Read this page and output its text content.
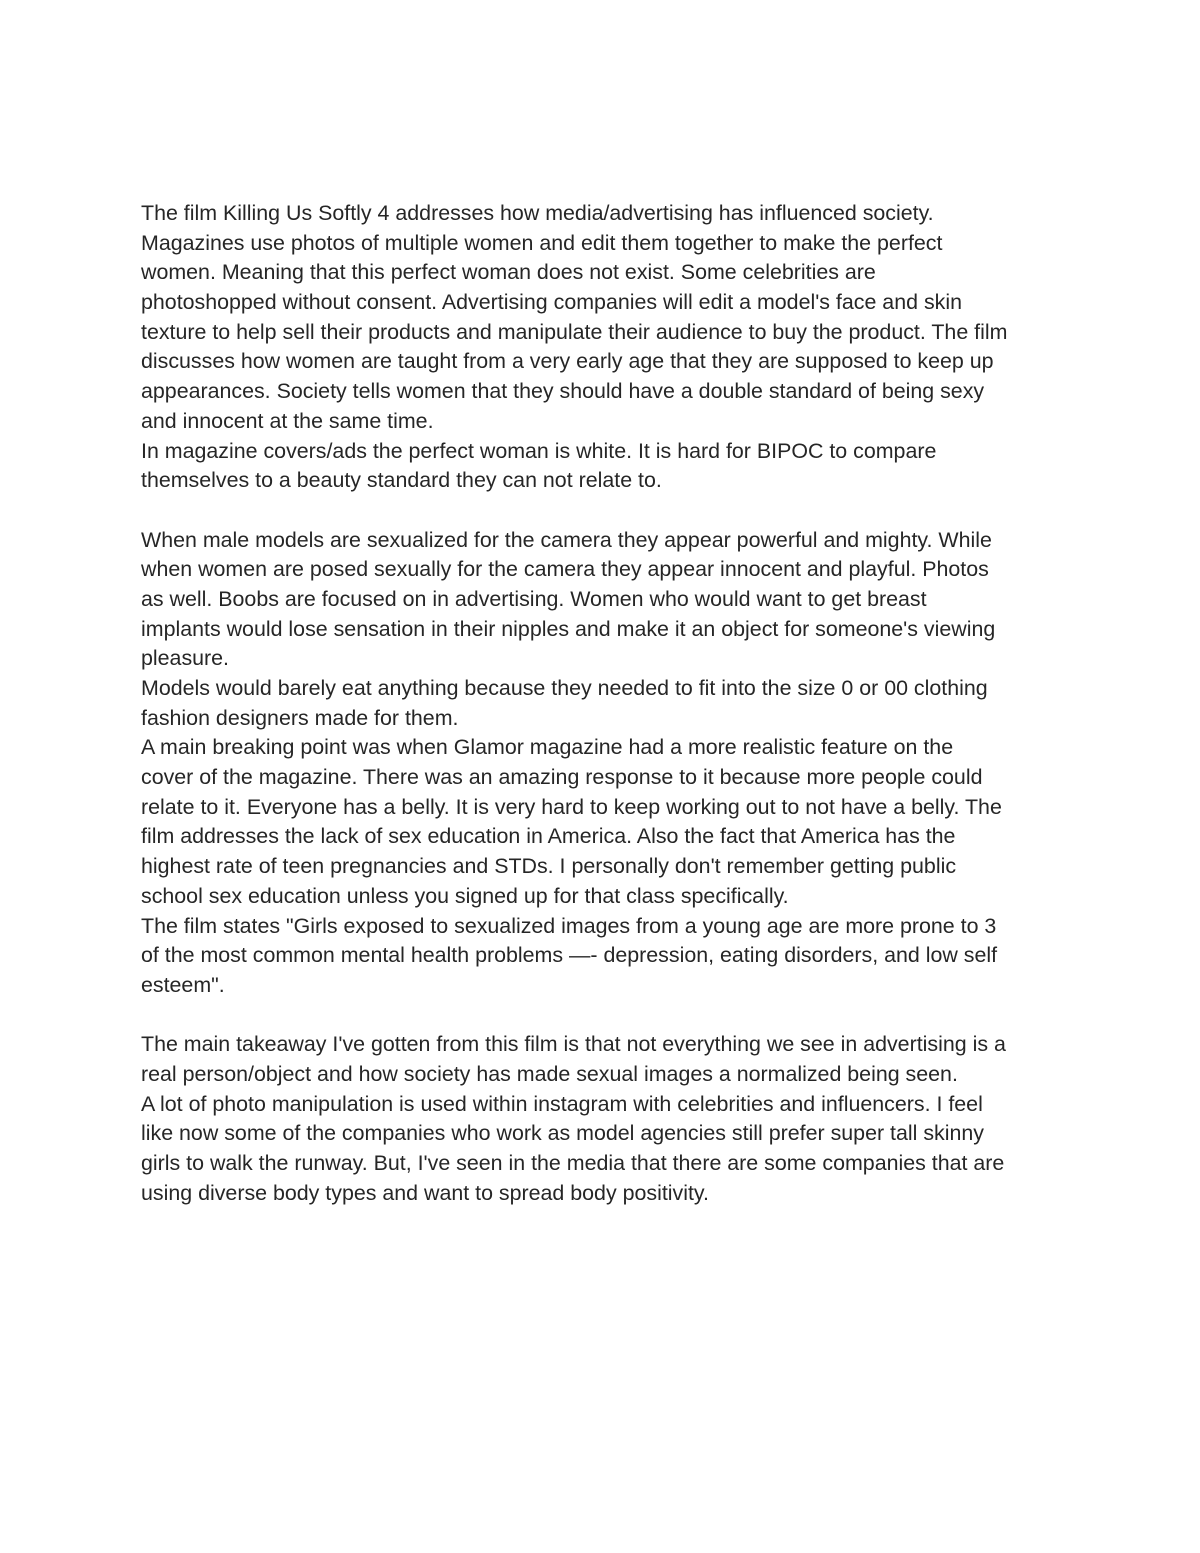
The film Killing Us Softly 4 addresses how media/advertising has influenced society.
Magazines use photos of multiple women and edit them together to make the perfect
women. Meaning that this perfect woman does not exist. Some celebrities are
photoshopped without consent. Advertising companies will edit a model's face and skin
texture to help sell their products and manipulate their audience to buy the product. The film
discusses how women are taught from a very early age that they are supposed to keep up
appearances. Society tells women that they should have a double standard of being sexy
and innocent at the same time.
In magazine covers/ads the perfect woman is white. It is hard for BIPOC to compare
themselves to a beauty standard they can not relate to.
When male models are sexualized for the camera they appear powerful and mighty. While
when women are posed sexually for the camera they appear innocent and playful. Photos
as well. Boobs are focused on in advertising. Women who would want to get breast
implants would lose sensation in their nipples and make it an object for someone's viewing
pleasure.
Models would barely eat anything because they needed to fit into the size 0 or 00 clothing
fashion designers made for them.
A main breaking point was when Glamor magazine had a more realistic feature on the
cover of the magazine. There was an amazing response to it because more people could
relate to it. Everyone has a belly. It is very hard to keep working out to not have a belly. The
film addresses the lack of sex education in America. Also the fact that America has the
highest rate of teen pregnancies and STDs. I personally don't remember getting public
school sex education unless you signed up for that class specifically.
The film states "Girls exposed to sexualized images from a young age are more prone to 3
of the most common mental health problems —- depression, eating disorders, and low self
esteem".
The main takeaway I've gotten from this film is that not everything we see in advertising is a
real person/object and how society has made sexual images a normalized being seen.
A lot of photo manipulation is used within instagram with celebrities and influencers. I feel
like now some of the companies who work as model agencies still prefer super tall skinny
girls to walk the runway. But, I've seen in the media that there are some companies that are
using diverse body types and want to spread body positivity.
